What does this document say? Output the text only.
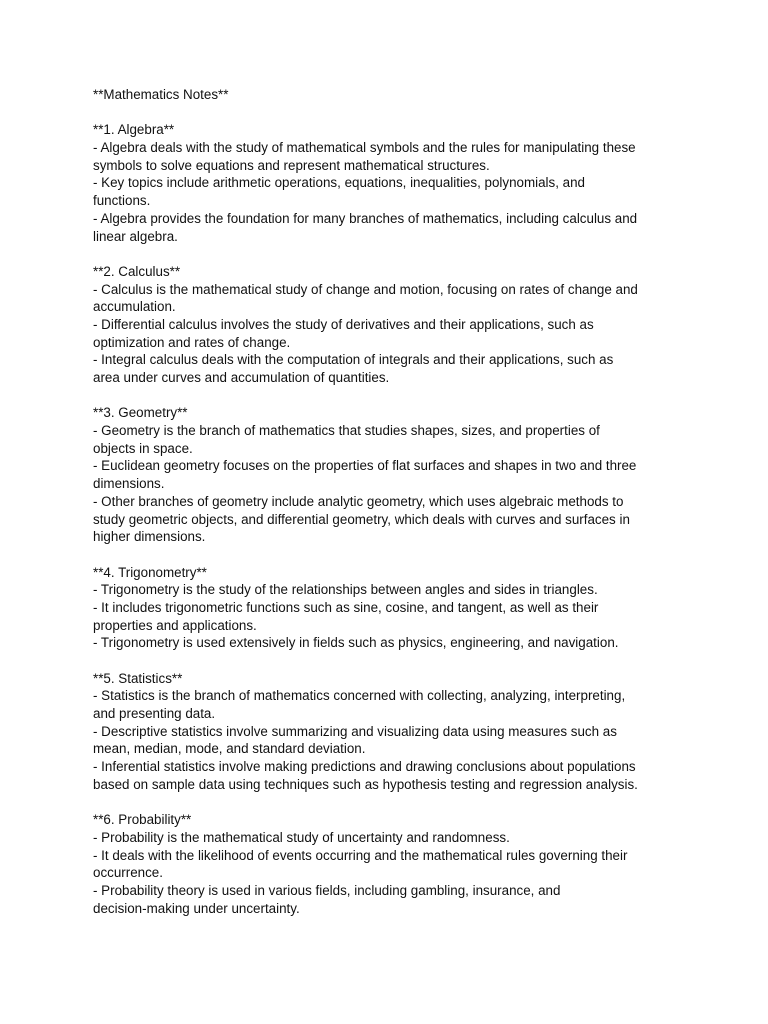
**Mathematics Notes**
**1. Algebra**
- Algebra deals with the study of mathematical symbols and the rules for manipulating these
symbols to solve equations and represent mathematical structures.
- Key topics include arithmetic operations, equations, inequalities, polynomials, and
functions.
- Algebra provides the foundation for many branches of mathematics, including calculus and
linear algebra.
**2. Calculus**
- Calculus is the mathematical study of change and motion, focusing on rates of change and
accumulation.
- Differential calculus involves the study of derivatives and their applications, such as
optimization and rates of change.
- Integral calculus deals with the computation of integrals and their applications, such as
area under curves and accumulation of quantities.
**3. Geometry**
- Geometry is the branch of mathematics that studies shapes, sizes, and properties of
objects in space.
- Euclidean geometry focuses on the properties of flat surfaces and shapes in two and three
dimensions.
- Other branches of geometry include analytic geometry, which uses algebraic methods to
study geometric objects, and differential geometry, which deals with curves and surfaces in
higher dimensions.
**4. Trigonometry**
- Trigonometry is the study of the relationships between angles and sides in triangles.
- It includes trigonometric functions such as sine, cosine, and tangent, as well as their
properties and applications.
- Trigonometry is used extensively in fields such as physics, engineering, and navigation.
**5. Statistics**
- Statistics is the branch of mathematics concerned with collecting, analyzing, interpreting,
and presenting data.
- Descriptive statistics involve summarizing and visualizing data using measures such as
mean, median, mode, and standard deviation.
- Inferential statistics involve making predictions and drawing conclusions about populations
based on sample data using techniques such as hypothesis testing and regression analysis.
**6. Probability**
- Probability is the mathematical study of uncertainty and randomness.
- It deals with the likelihood of events occurring and the mathematical rules governing their
occurrence.
- Probability theory is used in various fields, including gambling, insurance, and
decision-making under uncertainty.
